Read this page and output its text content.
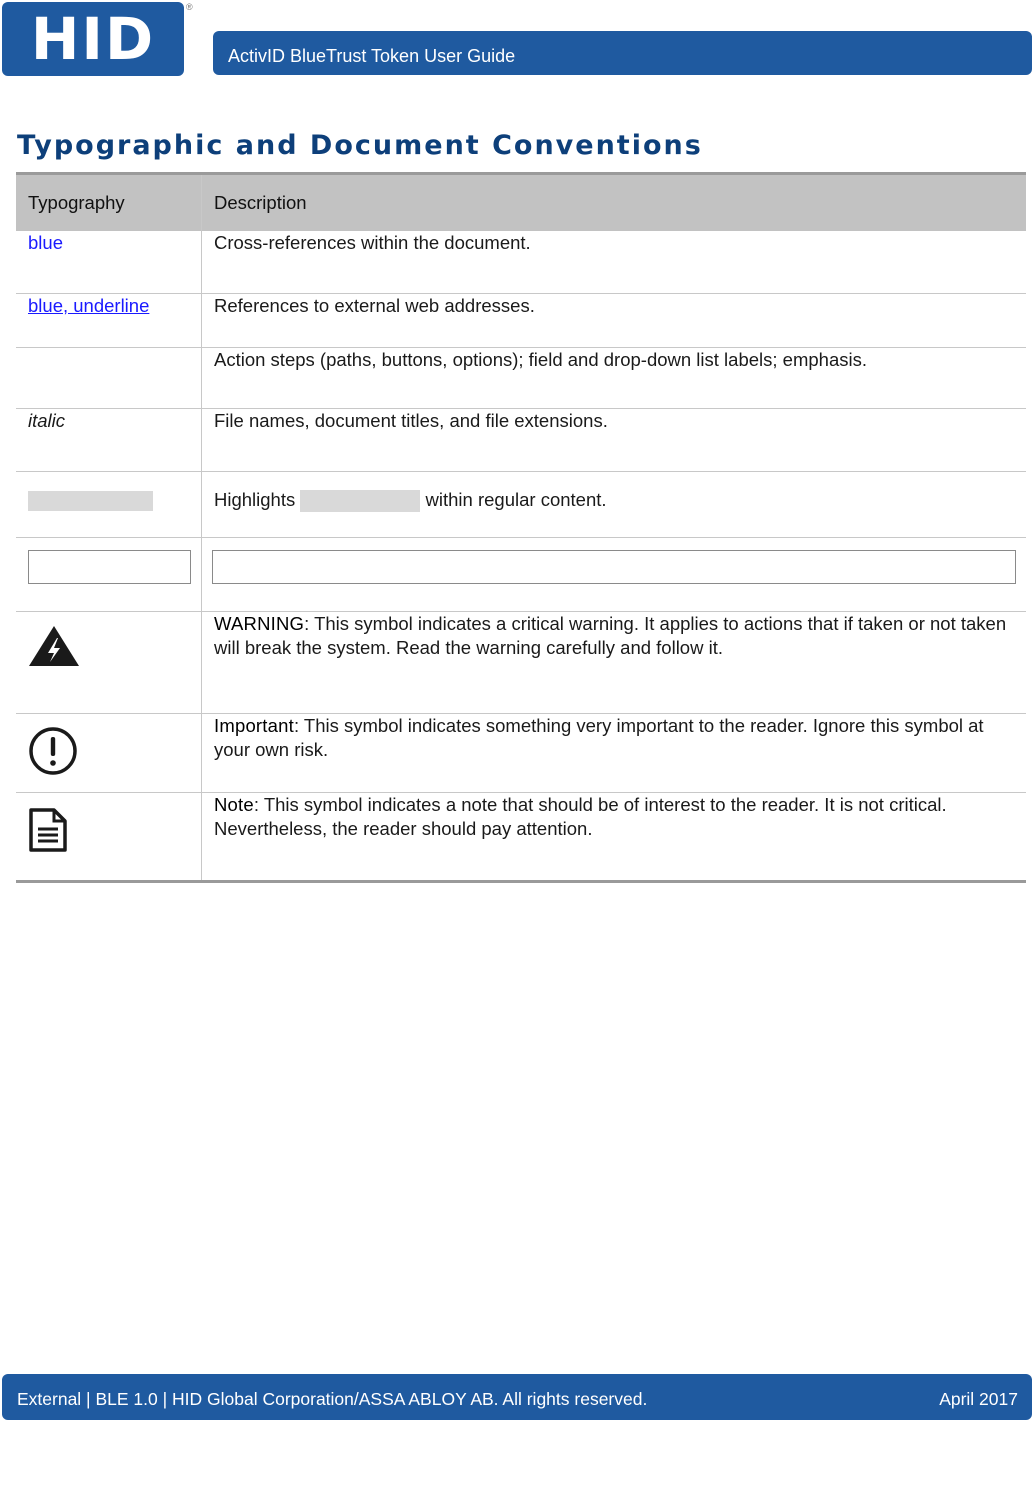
HID	®
ActivID BlueTrust Token User Guide
Typographic and Document Conventions
Typography	Description
blue	Cross-references within the document.
blue, underline	References to external web addresses.
	Action steps (paths, buttons, options); field and drop-down list labels; emphasis.
italic	File names, document titles, and file extensions.
	Highlights within regular content.

	WARNING: This symbol indicates a critical warning. It applies to actions that if taken or not taken will break the system. Read the warning carefully and follow it.

	Important: This symbol indicates something very important to the reader. Ignore this symbol at your own risk.

	Note: This symbol indicates a note that should be of interest to the reader. It is not critical. Nevertheless, the reader should pay attention.
External | BLE 1.0 | HID Global Corporation/ASSA ABLOY AB. All rights reserved.	April 2017
